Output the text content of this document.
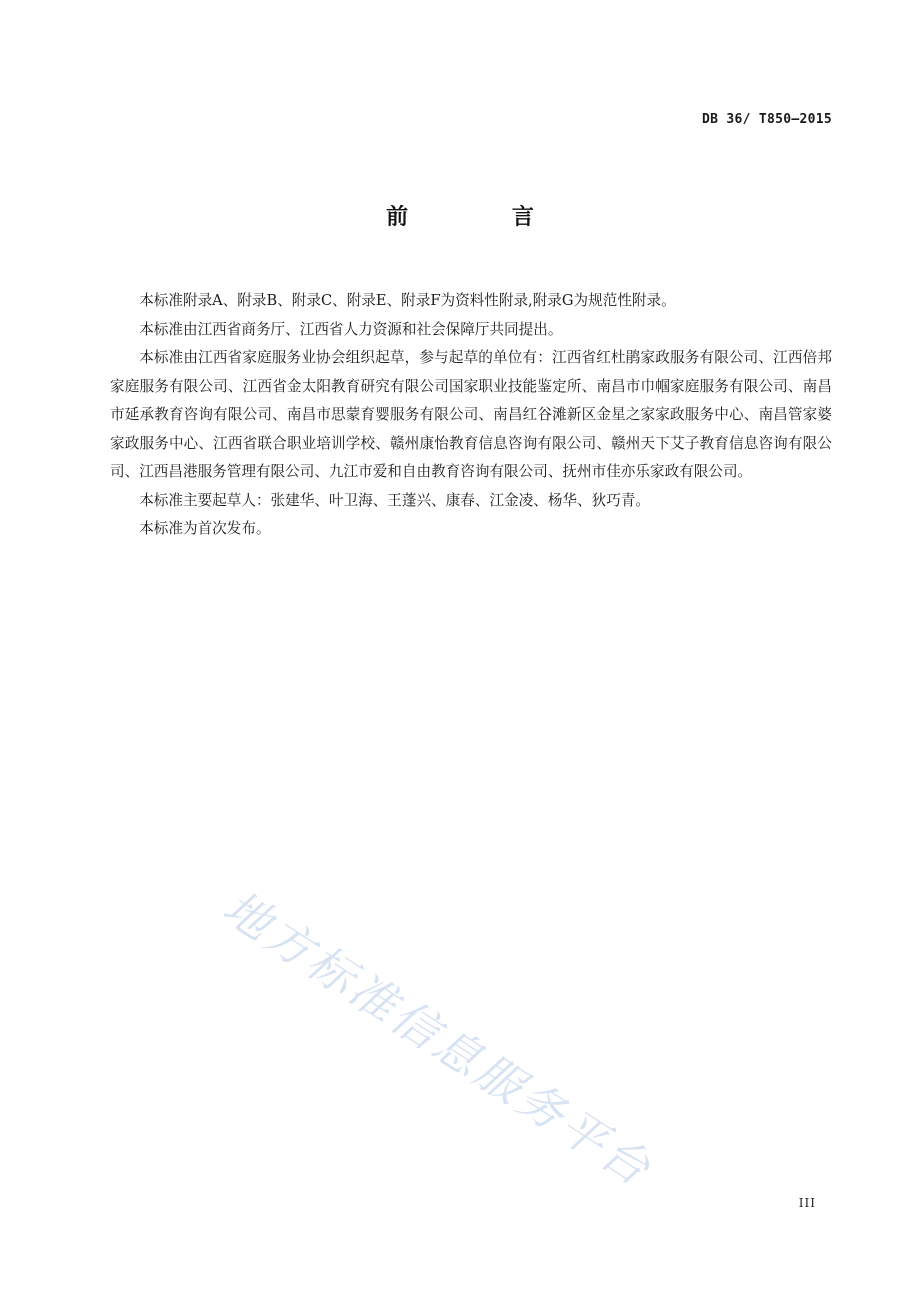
DB 36/ T850—2015
前 言

本标准附录A、附录B、附录C、附录E、附录F为资料性附录,附录G为规范性附录。

本标准由江西省商务厅、江西省人力资源和社会保障厅共同提出。

本标准由江西省家庭服务业协会组织起草，参与起草的单位有：江西省红杜鹃家政服务有限公司、江西倍邦家庭服务有限公司、江西省金太阳教育研究有限公司国家职业技能鉴定所、南昌市巾帼家庭服务有限公司、南昌市延承教育咨询有限公司、南昌市思蒙育婴服务有限公司、南昌红谷滩新区金星之家家政服务中心、南昌管家婆家政服务中心、江西省联合职业培训学校、赣州康怡教育信息咨询有限公司、赣州天下艾子教育信息咨询有限公司、江西昌港服务管理有限公司、九江市爱和自由教育咨询有限公司、抚州市佳亦乐家政有限公司。

本标准主要起草人：张建华、叶卫海、王蓬兴、康春、江金凌、杨华、狄巧青。

本标准为首次发布。

地方标准信息服务平台
III
